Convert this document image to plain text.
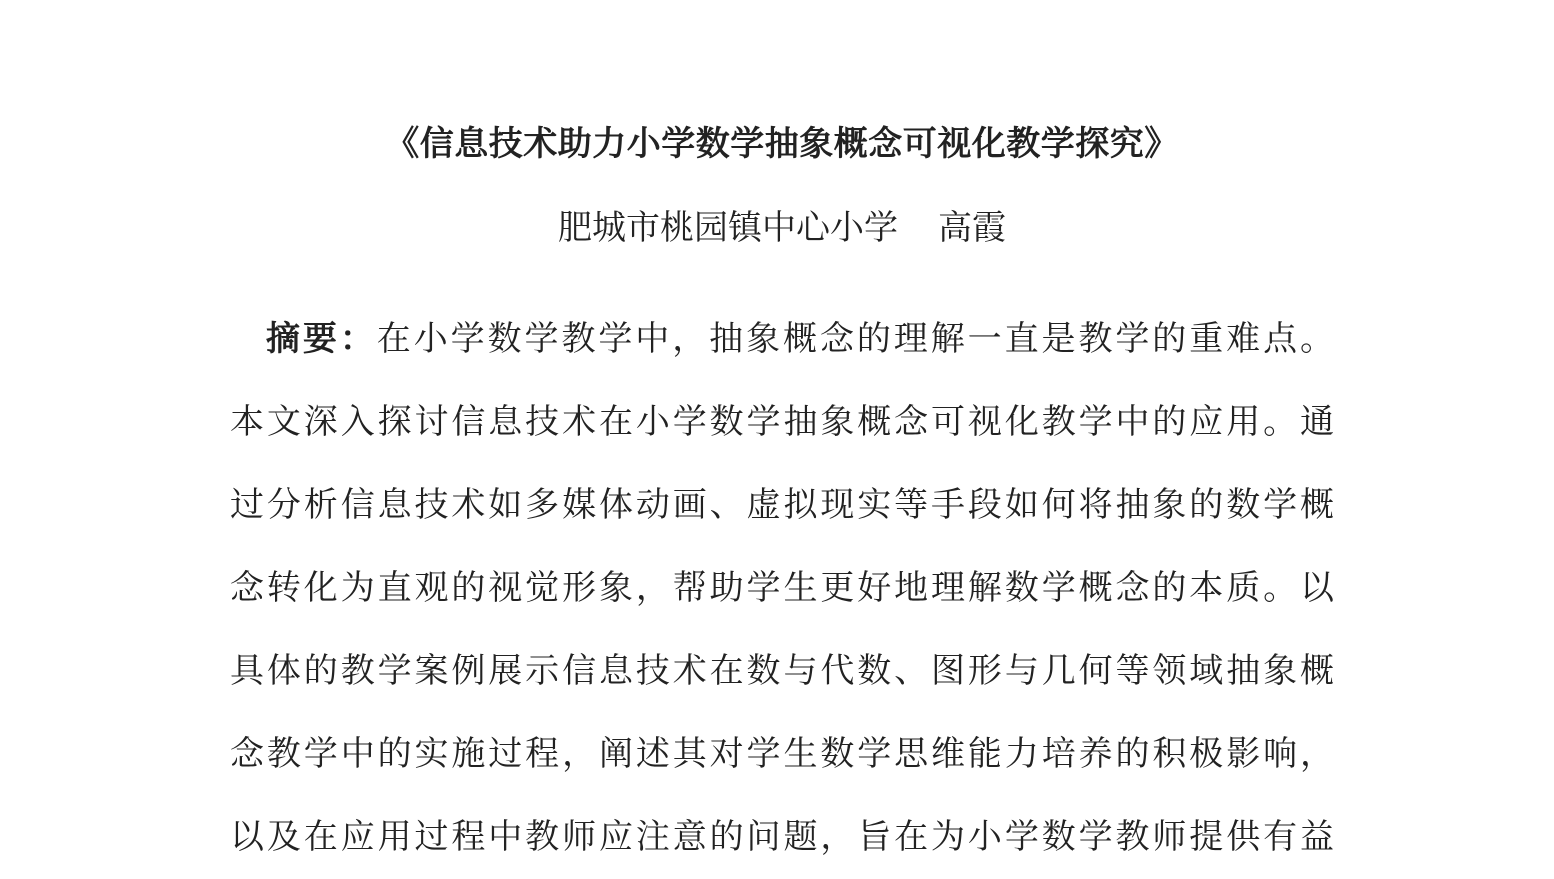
《信息技术助力小学数学抽象概念可视化教学探究》
肥城市桃园镇中心小学 高霞
摘要：在小学数学教学中，抽象概念的理解一直是教学的重难点。
本文深入探讨信息技术在小学数学抽象概念可视化教学中的应用。通
过分析信息技术如多媒体动画、虚拟现实等手段如何将抽象的数学概
念转化为直观的视觉形象，帮助学生更好地理解数学概念的本质。以
具体的教学案例展示信息技术在数与代数、图形与几何等领域抽象概
念教学中的实施过程，阐述其对学生数学思维能力培养的积极影响，
以及在应用过程中教师应注意的问题，旨在为小学数学教师提供有益
